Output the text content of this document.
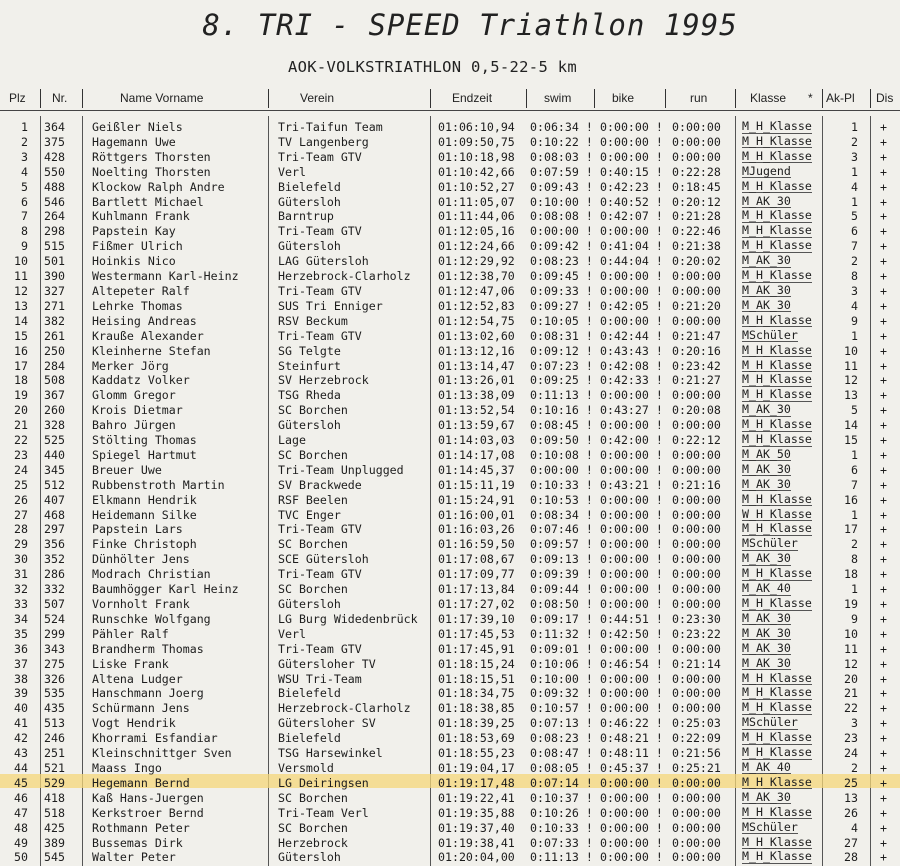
8. TRI - SPEED Triathlon 1995
AOK-VOLKSTRIATHLON 0,5-22-5 km
Plz Nr.	Name Vorname	Verein	Endzeit	swim	bike	run	Klasse * Ak-Pl Dis
1 364	Geißler Niels	Tri-Taifun Team	01:06:10,94 0:06:34 ! 0:00:00 ! 0:00:00 M_H_Klasse	1 +
2 375	Hagemann Uwe	TV Langenberg	01:09:50,75 0:10:22 ! 0:00:00 ! 0:00:00 M_H_Klasse	2 +
3 428	Röttgers Thorsten	Tri-Team GTV	01:10:18,98 0:08:03 ! 0:00:00 ! 0:00:00 M_H_Klasse	3 +
4 550	Noelting Thorsten	Verl	01:10:42,66 0:07:59 ! 0:40:15 ! 0:22:28 MJugend	1 +
5 488	Klockow Ralph Andre	Bielefeld	01:10:52,27 0:09:43 ! 0:42:23 ! 0:18:45 M_H_Klasse	4 +
6 546	Bartlett Michael	Gütersloh	01:11:05,07 0:10:00 ! 0:40:52 ! 0:20:12 M_AK_30	1 +
7 264	Kuhlmann Frank	Barntrup	01:11:44,06 0:08:08 ! 0:42:07 ! 0:21:28 M_H_Klasse	5 +
8 298	Papstein Kay	Tri-Team GTV	01:12:05,16 0:00:00 ! 0:00:00 ! 0:22:46 M_H_Klasse	6 +
9 515	Fißmer Ulrich	Gütersloh	01:12:24,66 0:09:42 ! 0:41:04 ! 0:21:38 M_H_Klasse	7 +
10 501	Hoinkis Nico	LAG Gütersloh	01:12:29,92 0:08:23 ! 0:44:04 ! 0:20:02 M_AK_30	2 +
11 390	Westermann Karl-Heinz	Herzebrock-Clarholz 01:12:38,70 0:09:45 ! 0:00:00 ! 0:00:00 M_H_Klasse	8 +
12 327	Altepeter Ralf	Tri-Team GTV	01:12:47,06 0:09:33 ! 0:00:00 ! 0:00:00 M_AK_30	3 +
13 271	Lehrke Thomas	SUS Tri Enniger	01:12:52,83 0:09:27 ! 0:42:05 ! 0:21:20 M_AK_30	4 +
14 382	Heising Andreas	RSV Beckum	01:12:54,75 0:10:05 ! 0:00:00 ! 0:00:00 M_H_Klasse	9 +
15 261	Krauße Alexander	Tri-Team GTV	01:13:02,60 0:08:31 ! 0:42:44 ! 0:21:47 MSchüler	1 +
16 250	Kleinherne Stefan	SG Telgte	01:13:12,16 0:09:12 ! 0:43:43 ! 0:20:16 M_H_Klasse	10 +
17 284	Merker Jörg	Steinfurt	01:13:14,47 0:07:23 ! 0:42:08 ! 0:23:42 M_H_Klasse	11 +
18 508	Kaddatz Volker	SV Herzebrock	01:13:26,01 0:09:25 ! 0:42:33 ! 0:21:27 M_H_Klasse	12 +
19 367	Glomm Gregor	TSG Rheda	01:13:38,09 0:11:13 ! 0:00:00 ! 0:00:00 M_H_Klasse	13 +
20 260	Krois Dietmar	SC Borchen	01:13:52,54 0:10:16 ! 0:43:27 ! 0:20:08 M_AK_30	5 +
21 328	Bahro Jürgen	Gütersloh	01:13:59,67 0:08:45 ! 0:00:00 ! 0:00:00 M_H_Klasse	14 +
22 525	Stölting Thomas	Lage	01:14:03,03 0:09:50 ! 0:42:00 ! 0:22:12 M_H_Klasse	15 +
23 440	Spiegel Hartmut	SC Borchen	01:14:17,08 0:10:08 ! 0:00:00 ! 0:00:00 M_AK_50	1 +
24 345	Breuer Uwe	Tri-Team Unplugged	01:14:45,37 0:00:00 ! 0:00:00 ! 0:00:00 M_AK_30	6 +
25 512	Rubbenstroth Martin	SV Brackwede	01:15:11,19 0:10:33 ! 0:43:21 ! 0:21:16 M_AK_30	7 +
26 407	Elkmann Hendrik	RSF Beelen	01:15:24,91 0:10:53 ! 0:00:00 ! 0:00:00 M_H_Klasse	16 +
27 468	Heidemann Silke	TVC Enger	01:16:00,01 0:08:34 ! 0:00:00 ! 0:00:00 W_H_Klasse	1 +
28 297	Papstein Lars	Tri-Team GTV	01:16:03,26 0:07:46 ! 0:00:00 ! 0:00:00 M_H_Klasse	17 +
29 356	Finke Christoph	SC Borchen	01:16:59,50 0:09:57 ! 0:00:00 ! 0:00:00 MSchüler	2 +
30 352	Dünhölter Jens	SCE Gütersloh	01:17:08,67 0:09:13 ! 0:00:00 ! 0:00:00 M_AK_30	8 +
31 286	Modrach Christian	Tri-Team GTV	01:17:09,77 0:09:39 ! 0:00:00 ! 0:00:00 M_H_Klasse	18 +
32 332	Baumhögger Karl Heinz	SC Borchen	01:17:13,84 0:09:44 ! 0:00:00 ! 0:00:00 M_AK_40	1 +
33 507	Vornholt Frank	Gütersloh	01:17:27,02 0:08:50 ! 0:00:00 ! 0:00:00 M_H_Klasse	19 +
34 524	Runschke Wolfgang	LG Burg Widedenbrück 01:17:39,10 0:09:17 ! 0:44:51 ! 0:23:30 M_AK_30	9 +
35 299	Pähler Ralf	Verl	01:17:45,53 0:11:32 ! 0:42:50 ! 0:23:22 M_AK_30	10 +
36 343	Brandherm Thomas	Tri-Team GTV	01:17:45,91 0:09:01 ! 0:00:00 ! 0:00:00 M_AK_30	11 +
37 275	Liske Frank	Gütersloher TV	01:18:15,24 0:10:06 ! 0:46:54 ! 0:21:14 M_AK_30	12 +
38 326	Altena Ludger	WSU Tri-Team	01:18:15,51 0:10:00 ! 0:00:00 ! 0:00:00 M_H_Klasse	20 +
39 535	Hanschmann Joerg	Bielefeld	01:18:34,75 0:09:32 ! 0:00:00 ! 0:00:00 M_H_Klasse	21 +
40 435	Schürmann Jens	Herzebrock-Clarholz 01:18:38,85 0:10:57 ! 0:00:00 ! 0:00:00 M_H_Klasse	22 +
41 513	Vogt Hendrik	Gütersloher SV	01:18:39,25 0:07:13 ! 0:46:22 ! 0:25:03 MSchüler	3 +
42 246	Khorrami Esfandiar	Bielefeld	01:18:53,69 0:08:23 ! 0:48:21 ! 0:22:09 M_H_Klasse	23 +
43 251	Kleinschnittger Sven	TSG Harsewinkel	01:18:55,23 0:08:47 ! 0:48:11 ! 0:21:56 M_H_Klasse	24 +
44 521	Maass Ingo	Versmold	01:19:04,17 0:08:05 ! 0:45:37 ! 0:25:21 M_AK_40	2 +
45 529	Hegemann Bernd	LG Deiringsen	01:19:17,48 0:07:14 ! 0:00:00 ! 0:00:00 M_H_Klasse	25 +
46 418	Kaß Hans-Juergen	SC Borchen	01:19:22,41 0:10:37 ! 0:00:00 ! 0:00:00 M_AK_30	13 +
47 518	Kerkstroer Bernd	Tri-Team Verl	01:19:35,88 0:10:26 ! 0:00:00 ! 0:00:00 M_H_Klasse	26 +
48 425	Rothmann Peter	SC Borchen	01:19:37,40 0:10:33 ! 0:00:00 ! 0:00:00 MSchüler	4 +
49 389	Bussemas Dirk	Herzebrock	01:19:38,41 0:07:33 ! 0:00:00 ! 0:00:00 M_H_Klasse	27 +
50 545	Walter Peter	Gütersloh	01:20:04,00 0:11:13 ! 0:00:00 ! 0:00:00 M_H_Klasse	28 +
